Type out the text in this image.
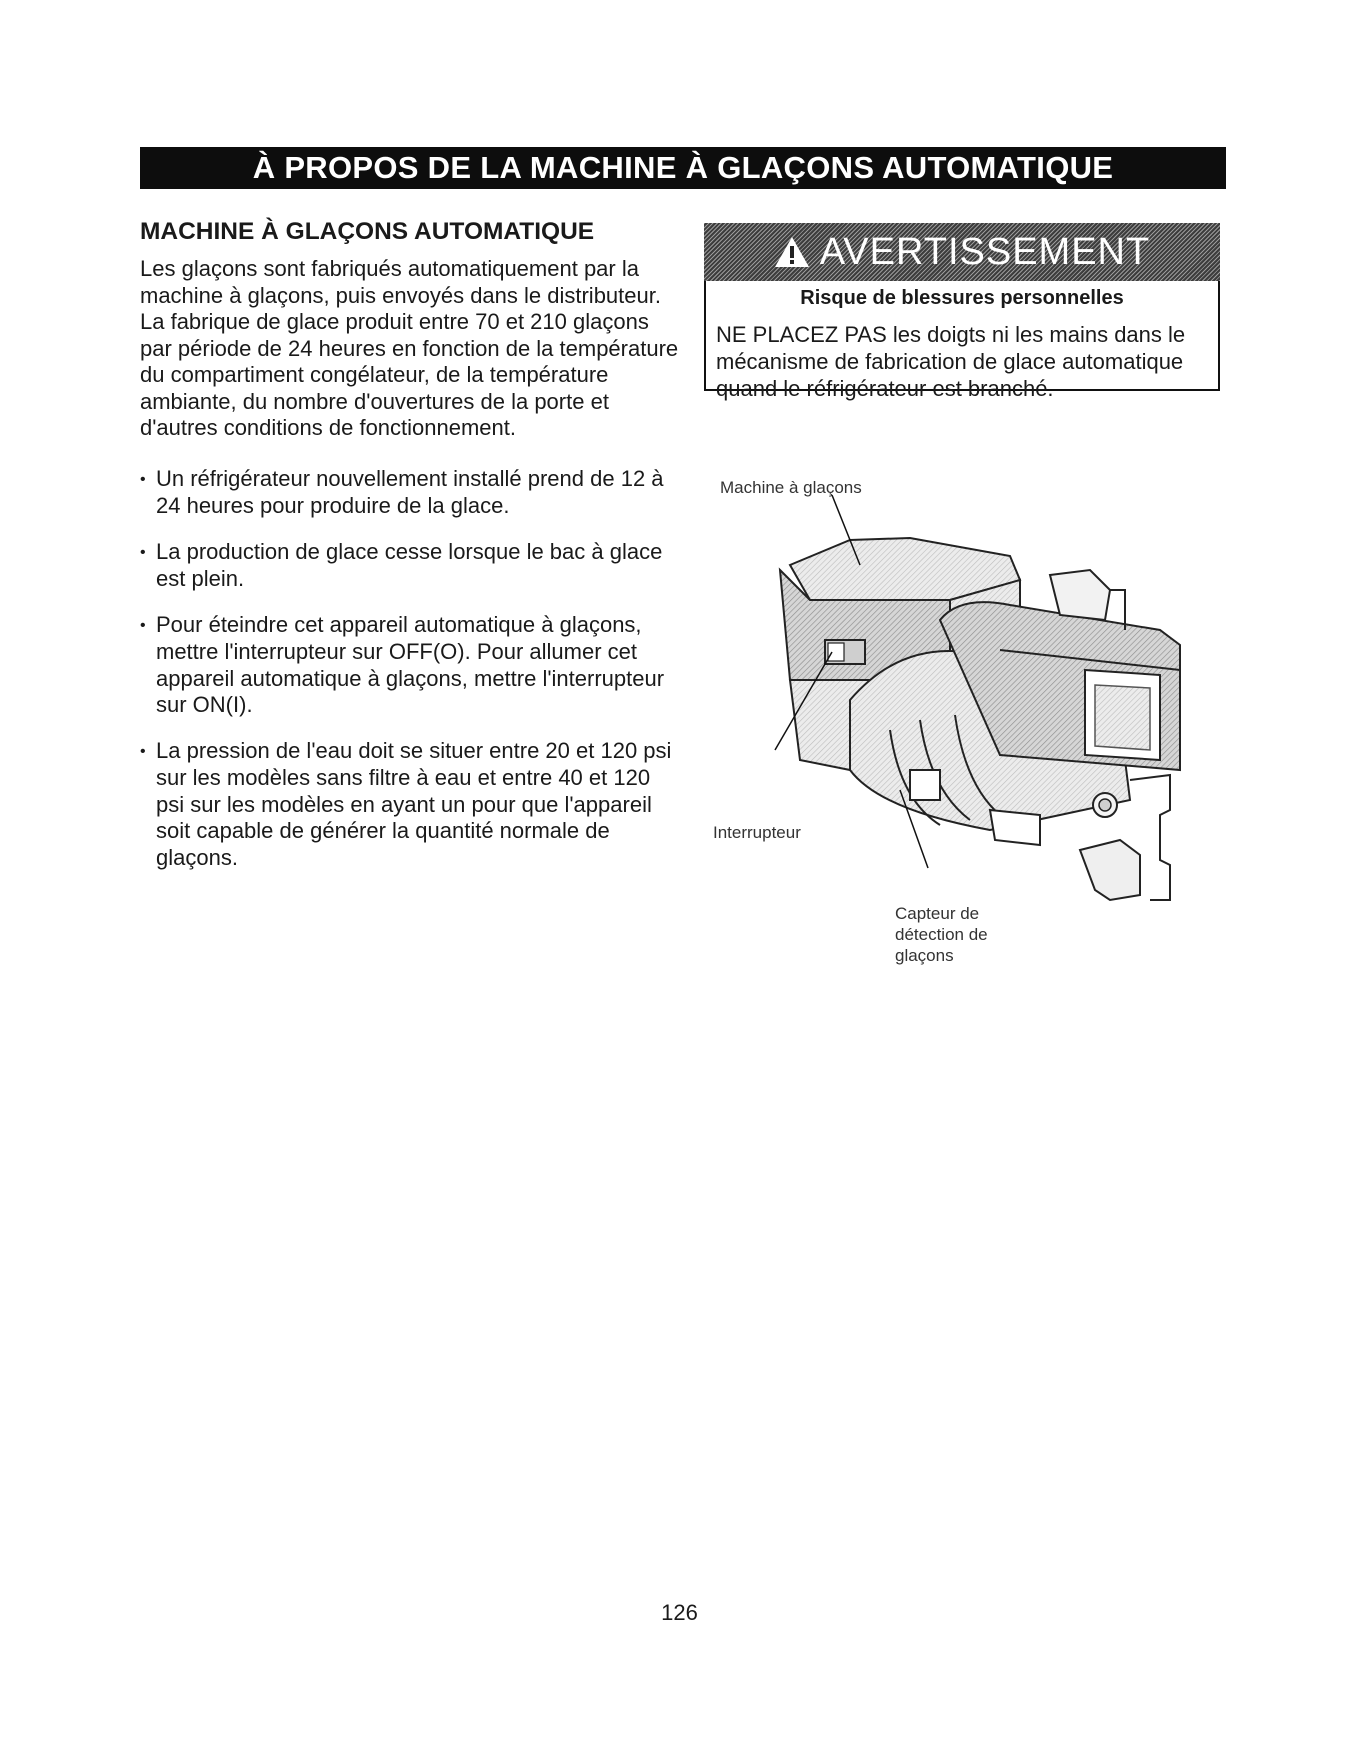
À PROPOS DE LA MACHINE À GLAÇONS AUTOMATIQUE
MACHINE À GLAÇONS AUTOMATIQUE

Les glaçons sont fabriqués automatiquement par la machine à glaçons, puis envoyés dans le distributeur. La fabrique de glace produit entre 70 et 210 glaçons par période de 24 heures en fonction de la température du compartiment congélateur, de la température ambiante, du nombre d'ouvertures de la porte et d'autres conditions de fonctionnement.

• Un réfrigérateur nouvellement installé prend de 12 à 24 heures pour produire de la glace.
• La production de glace cesse lorsque le bac à glace est plein.
• Pour éteindre cet appareil automatique à glaçons, mettre l'interrupteur sur OFF(O). Pour allumer cet appareil automatique à glaçons, mettre l'interrupteur sur ON(I).
• La pression de l'eau doit se situer entre 20 et 120 psi sur les modèles sans filtre à eau et entre 40 et 120 psi sur les modèles en ayant un pour que l'appareil soit capable de générer la quantité normale de glaçons.
AVERTISSEMENT
Risque de blessures personnelles
NE PLACEZ PAS les doigts ni les mains dans le mécanisme de fabrication de glace automatique quand le réfrigérateur est branché.
Machine à glaçons
Interrupteur
Capteur de
détection de
glaçons
126
